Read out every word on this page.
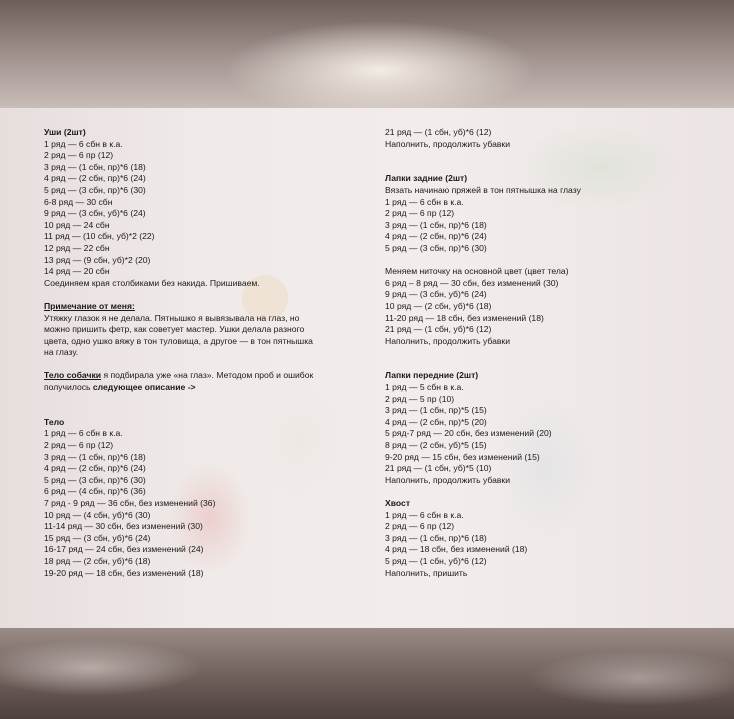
Уши (2шт)
1 ряд — 6 сбн в к.а.
2 ряд — 6 пр (12)
3 ряд — (1 сбн, пр)*6 (18)
4 ряд — (2 сбн, пр)*6 (24)
5 ряд — (3 сбн, пр)*6 (30)
6-8 ряд — 30 сбн
9 ряд — (3 сбн, уб)*6 (24)
10 ряд — 24 сбн
11 ряд — (10 сбн, уб)*2 (22)
12 ряд — 22 сбн
13 ряд — (9 сбн, уб)*2 (20)
14 ряд — 20 сбн
Соединяем края столбиками без накида. Пришиваем.
Примечание от меня:
Утяжку глазок я не делала. Пятнышко я вывязывала на глаз, но
можно пришить фетр, как советует мастер. Ушки делала разного
цвета, одно ушко вяжу в тон туловища, а другое — в тон пятнышка
на глазу.
Тело собачки я подбирала уже «на глаз». Методом проб и ошибок
получилось следующее описание ->
Тело
1 ряд — 6 сбн в к.а.
2 ряд — 6 пр (12)
3 ряд — (1 сбн, пр)*6 (18)
4 ряд — (2 сбн, пр)*6 (24)
5 ряд — (3 сбн, пр)*6 (30)
6 ряд — (4 сбн, пр)*6 (36)
7 ряд - 9 ряд — 36 сбн, без изменений (36)
10 ряд — (4 сбн, уб)*6 (30)
11-14 ряд — 30 сбн, без изменений (30)
15 ряд — (3 сбн, уб)*6 (24)
16-17 ряд — 24 сбн, без изменений (24)
18 ряд — (2 сбн, уб)*6 (18)
19-20 ряд — 18 сбн, без изменений (18)
21 ряд — (1 сбн, уб)*6 (12)
Наполнить, продолжить убавки
Лапки задние (2шт)
Вязать начинаю пряжей в тон пятнышка на глазу
1 ряд — 6 сбн в к.а.
2 ряд — 6 пр (12)
3 ряд — (1 сбн, пр)*6 (18)
4 ряд — (2 сбн, пр)*6 (24)
5 ряд — (3 сбн, пр)*6 (30)
Меняем ниточку на основной цвет (цвет тела)
6 ряд – 8 ряд — 30 сбн, без изменений (30)
9 ряд — (3 сбн, уб)*6 (24)
10 ряд — (2 сбн, уб)*6 (18)
11-20 ряд — 18 сбн, без изменений (18)
21 ряд — (1 сбн, уб)*6 (12)
Наполнить, продолжить убавки
Лапки передние (2шт)
1 ряд — 5 сбн в к.а.
2 ряд — 5 пр (10)
3 ряд — (1 сбн, пр)*5 (15)
4 ряд — (2 сбн, пр)*5 (20)
5 ряд-7 ряд — 20 сбн, без изменений (20)
8 ряд — (2 сбн, уб)*5 (15)
9-20 ряд — 15 сбн, без изменений (15)
21 ряд — (1 сбн, уб)*5 (10)
Наполнить, продолжить убавки
Хвост
1 ряд — 6 сбн в к.а.
2 ряд — 6 пр (12)
3 ряд — (1 сбн, пр)*6 (18)
4 ряд — 18 сбн, без изменений (18)
5 ряд — (1 сбн, уб)*6 (12)
Наполнить, пришить
